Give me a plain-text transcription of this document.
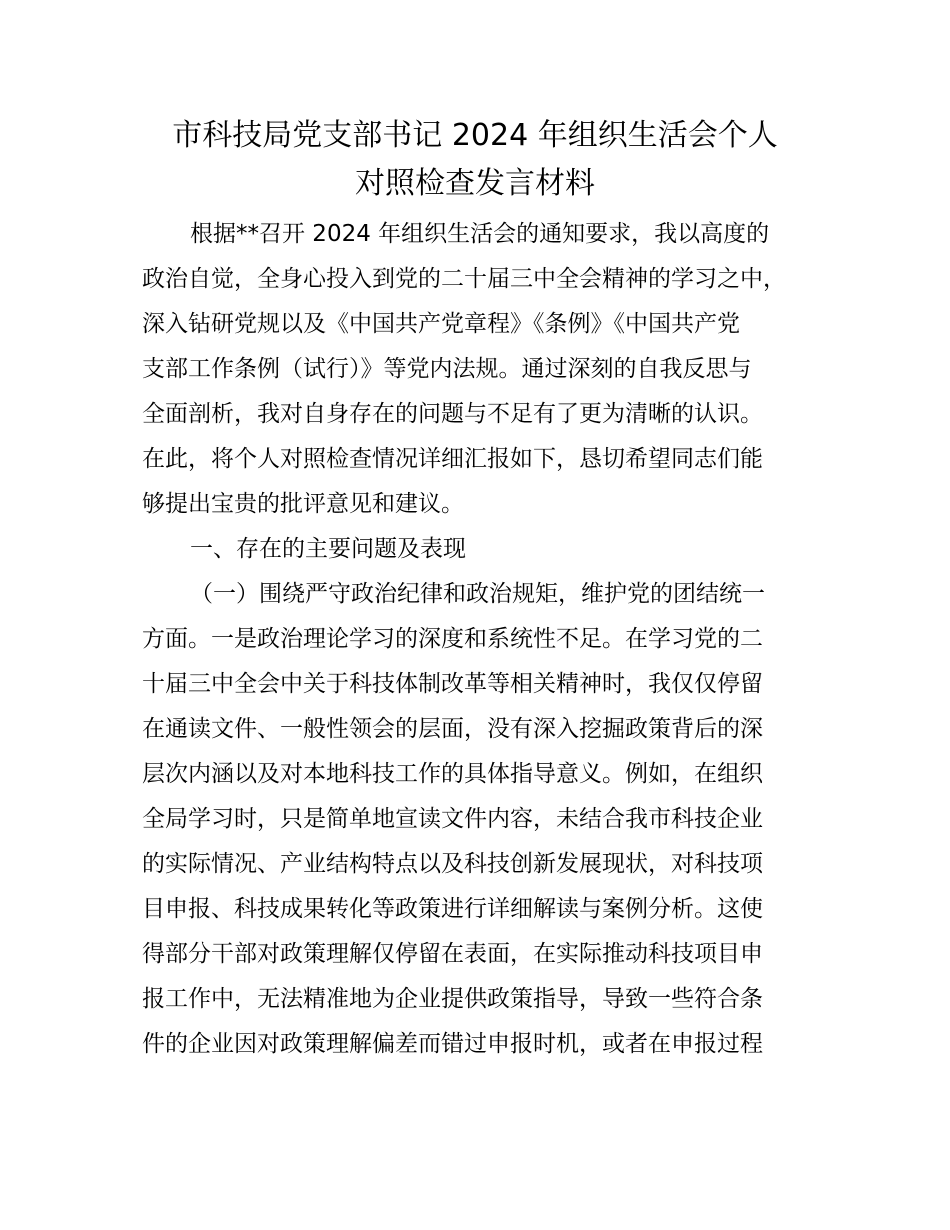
市科技局党支部书记 2024 年组织生活会个人
对照检查发言材料
根据**召开 2024 年组织生活会的通知要求，我以高度的
政治自觉，全身心投入到党的二十届三中全会精神的学习之中，
深入钻研党规以及《中国共产党章程》《条例》《中国共产党
支部工作条例（试行）》等党内法规。通过深刻的自我反思与
全面剖析，我对自身存在的问题与不足有了更为清晰的认识。
在此，将个人对照检查情况详细汇报如下，恳切希望同志们能
够提出宝贵的批评意见和建议。
一、存在的主要问题及表现
（一）围绕严守政治纪律和政治规矩，维护党的团结统一
方面。一是政治理论学习的深度和系统性不足。在学习党的二
十届三中全会中关于科技体制改革等相关精神时，我仅仅停留
在通读文件、一般性领会的层面，没有深入挖掘政策背后的深
层次内涵以及对本地科技工作的具体指导意义。例如，在组织
全局学习时，只是简单地宣读文件内容，未结合我市科技企业
的实际情况、产业结构特点以及科技创新发展现状，对科技项
目申报、科技成果转化等政策进行详细解读与案例分析。这使
得部分干部对政策理解仅停留在表面，在实际推动科技项目申
报工作中，无法精准地为企业提供政策指导，导致一些符合条
件的企业因对政策理解偏差而错过申报时机，或者在申报过程
